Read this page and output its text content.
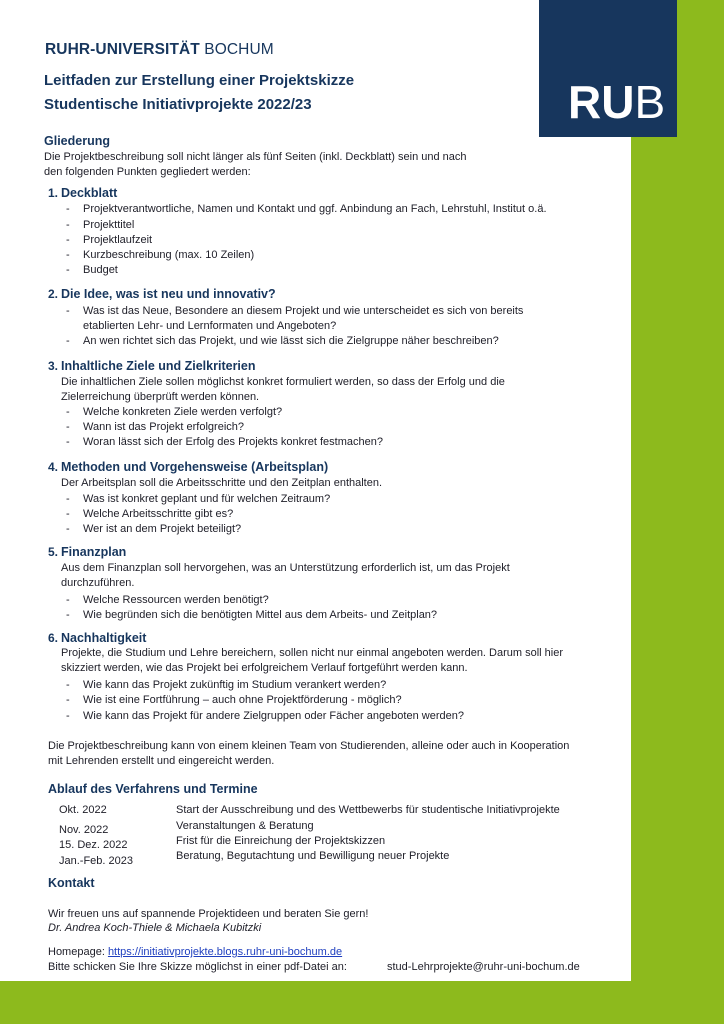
RUB
RUHR-UNIVERSITÄT BOCHUM
Leitfaden zur Erstellung einer Projektskizze
Studentische Initiativprojekte 2022/23
Gliederung
Die Projektbeschreibung soll nicht länger als fünf Seiten (inkl. Deckblatt) sein und nach
den folgenden Punkten gegliedert werden:
1. Deckblatt
- Projektverantwortliche, Namen und Kontakt und ggf. Anbindung an Fach, Lehrstuhl, Institut o.ä.
- Projekttitel
- Projektlaufzeit
- Kurzbeschreibung (max. 10 Zeilen)
- Budget
2. Die Idee, was ist neu und innovativ?
- Was ist das Neue, Besondere an diesem Projekt und wie unterscheidet es sich von bereits
etablierten Lehr- und Lernformaten und Angeboten?
- An wen richtet sich das Projekt, und wie lässt sich die Zielgruppe näher beschreiben?
3. Inhaltliche Ziele und Zielkriterien
Die inhaltlichen Ziele sollen möglichst konkret formuliert werden, so dass der Erfolg und die
Zielerreichung überprüft werden können.
- Welche konkreten Ziele werden verfolgt?
- Wann ist das Projekt erfolgreich?
- Woran lässt sich der Erfolg des Projekts konkret festmachen?
4. Methoden und Vorgehensweise (Arbeitsplan)
Der Arbeitsplan soll die Arbeitsschritte und den Zeitplan enthalten.
- Was ist konkret geplant und für welchen Zeitraum?
- Welche Arbeitsschritte gibt es?
- Wer ist an dem Projekt beteiligt?
5. Finanzplan
Aus dem Finanzplan soll hervorgehen, was an Unterstützung erforderlich ist, um das Projekt
durchzuführen.
- Welche Ressourcen werden benötigt?
- Wie begründen sich die benötigten Mittel aus dem Arbeits- und Zeitplan?
6. Nachhaltigkeit
Projekte, die Studium und Lehre bereichern, sollen nicht nur einmal angeboten werden. Darum soll hier
skizziert werden, wie das Projekt bei erfolgreichem Verlauf fortgeführt werden kann.
- Wie kann das Projekt zukünftig im Studium verankert werden?
- Wie ist eine Fortführung – auch ohne Projektförderung - möglich?
- Wie kann das Projekt für andere Zielgruppen oder Fächer angeboten werden?
Die Projektbeschreibung kann von einem kleinen Team von Studierenden, alleine oder auch in Kooperation
mit Lehrenden erstellt und eingereicht werden.
Ablauf des Verfahrens und Termine
Okt. 2022	Start der Ausschreibung und des Wettbewerbs für studentische Initiativprojekte
Nov. 2022	Veranstaltungen & Beratung
15. Dez. 2022	Frist für die Einreichung der Projektskizzen
Jan.-Feb. 2023	Beratung, Begutachtung und Bewilligung neuer Projekte
Kontakt
Wir freuen uns auf spannende Projektideen und beraten Sie gern!
Dr. Andrea Koch-Thiele & Michaela Kubitzki
Homepage: https://initiativprojekte.blogs.ruhr-uni-bochum.de
Bitte schicken Sie Ihre Skizze möglichst in einer pdf-Datei an:	stud-Lehrprojekte@ruhr-uni-bochum.de
